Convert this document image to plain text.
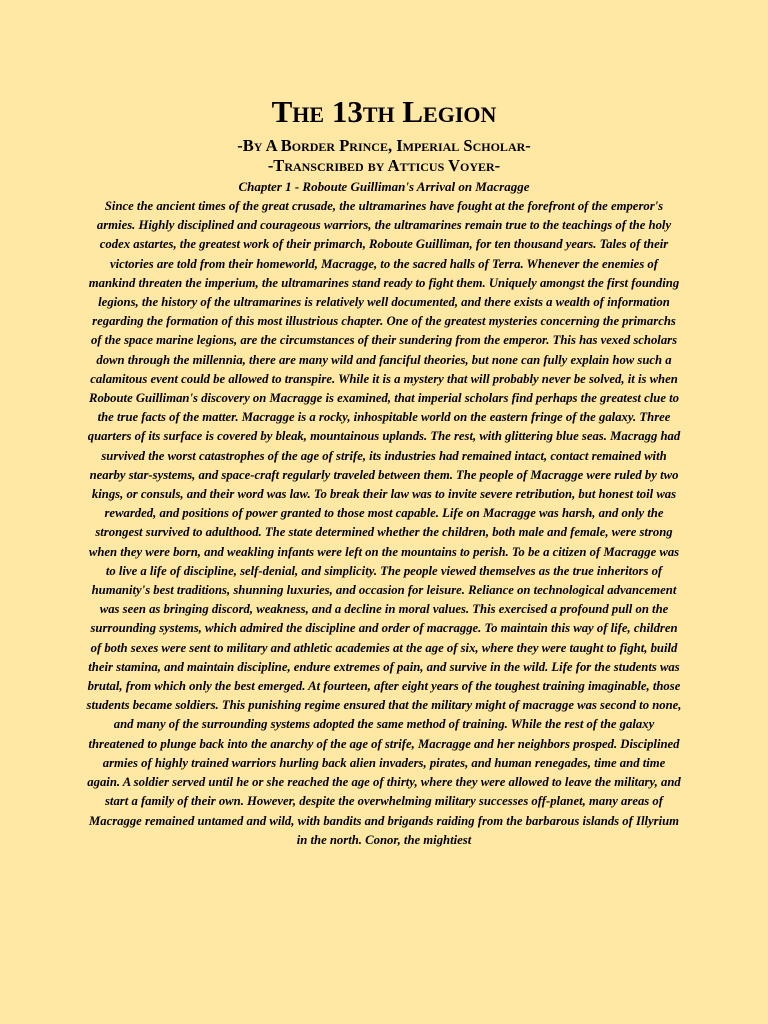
The 13th Legion

-By A Border Prince, Imperial Scholar-

-Transcribed by Atticus Voyer-

Chapter 1 - Roboute Guilliman's Arrival on Macragge

Since the ancient times of the great crusade, the ultramarines have fought at the forefront of the emperor's armies. Highly disciplined and courageous warriors, the ultramarines remain true to the teachings of the holy codex astartes, the greatest work of their primarch, Roboute Guilliman, for ten thousand years. Tales of their victories are told from their homeworld, Macragge, to the sacred halls of Terra. Whenever the enemies of mankind threaten the imperium, the ultramarines stand ready to fight them. Uniquely amongst the first founding legions, the history of the ultramarines is relatively well documented, and there exists a wealth of information regarding the formation of this most illustrious chapter. One of the greatest mysteries concerning the primarchs of the space marine legions, are the circumstances of their sundering from the emperor. This has vexed scholars down through the millennia, there are many wild and fanciful theories, but none can fully explain how such a calamitous event could be allowed to transpire. While it is a mystery that will probably never be solved, it is when Roboute Guilliman's discovery on Macragge is examined, that imperial scholars find perhaps the greatest clue to the true facts of the matter. Macragge is a rocky, inhospitable world on the eastern fringe of the galaxy. Three quarters of its surface is covered by bleak, mountainous uplands. The rest, with glittering blue seas. Macragg had survived the worst catastrophes of the age of strife, its industries had remained intact, contact remained with nearby star-systems, and space-craft regularly traveled between them. The people of Macragge were ruled by two kings, or consuls, and their word was law. To break their law was to invite severe retribution, but honest toil was rewarded, and positions of power granted to those most capable. Life on Macragge was harsh, and only the strongest survived to adulthood. The state determined whether the children, both male and female, were strong when they were born, and weakling infants were left on the mountains to perish. To be a citizen of Macragge was to live a life of discipline, self-denial, and simplicity. The people viewed themselves as the true inheritors of humanity's best traditions, shunning luxuries, and occasion for leisure. Reliance on technological advancement was seen as bringing discord, weakness, and a decline in moral values. This exercised a profound pull on the surrounding systems, which admired the discipline and order of macragge. To maintain this way of life, children of both sexes were sent to military and athletic academies at the age of six, where they were taught to fight, build their stamina, and maintain discipline, endure extremes of pain, and survive in the wild. Life for the students was brutal, from which only the best emerged. At fourteen, after eight years of the toughest training imaginable, those students became soldiers. This punishing regime ensured that the military might of macragge was second to none, and many of the surrounding systems adopted the same method of training. While the rest of the galaxy threatened to plunge back into the anarchy of the age of strife, Macragge and her neighbors prosped. Disciplined armies of highly trained warriors hurling back alien invaders, pirates, and human renegades, time and time again. A soldier served until he or she reached the age of thirty, where they were allowed to leave the military, and start a family of their own. However, despite the overwhelming military successes off-planet, many areas of Macragge remained untamed and wild, with bandits and brigands raiding from the barbarous islands of Illyrium in the north. Conor, the mightiest
